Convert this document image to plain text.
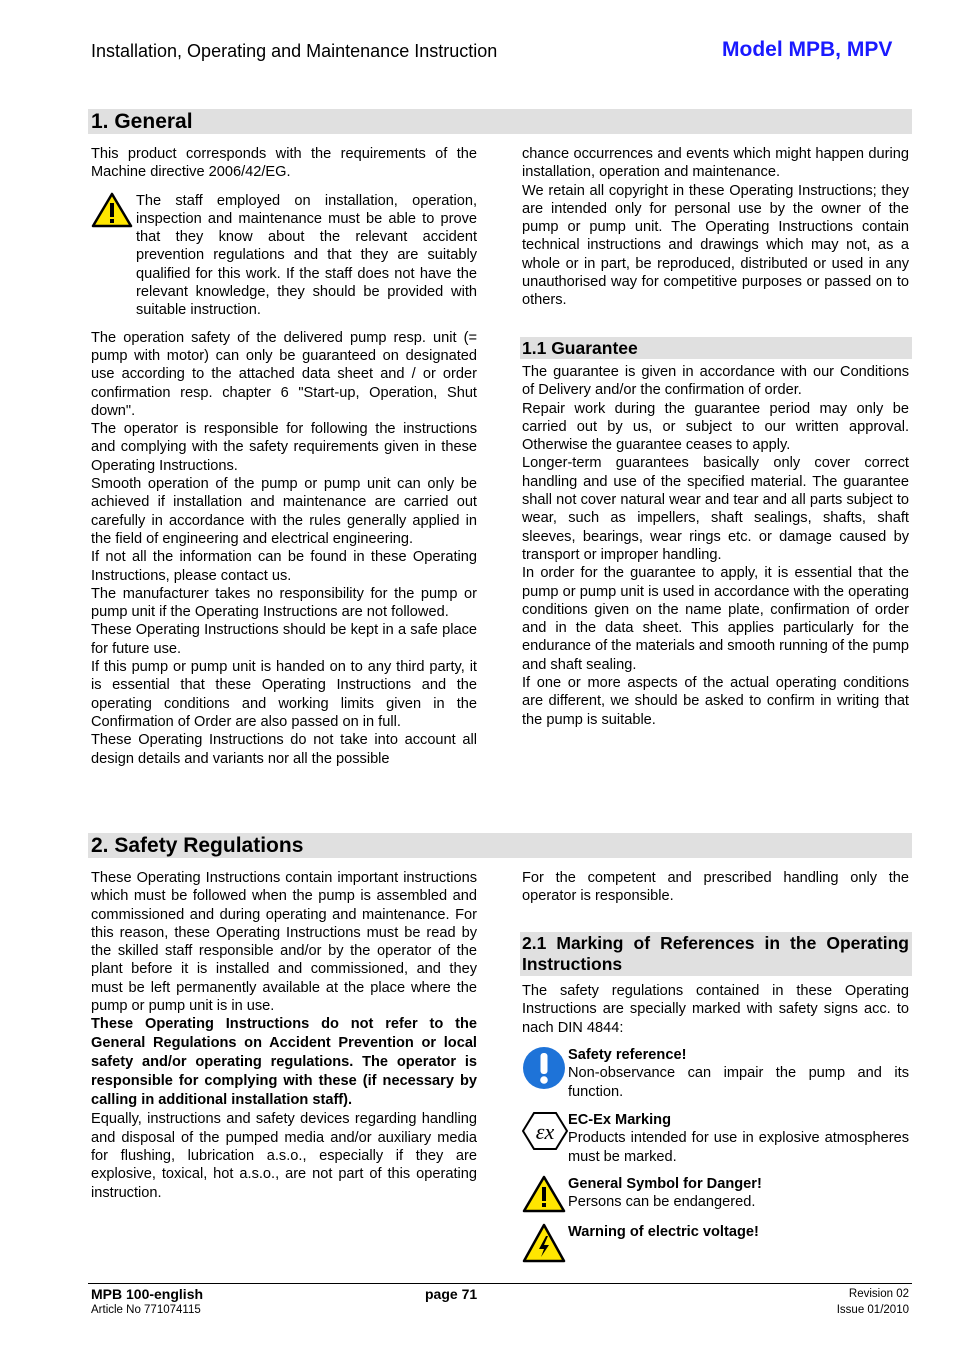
Installation, Operating and Maintenance Instruction	Model MPB, MPV
1. General

This product corresponds with the requirements of the Machine directive 2006/42/EG.

The staff employed on installation, operation, inspection and maintenance must be able to prove that they know about the relevant accident prevention regulations and that they are suitably qualified for this work. If the staff does not have the relevant knowledge, they should be provided with suitable instruction.

The operation safety of the delivered pump resp. unit (= pump with motor) can only be guaranteed on designated use according to the attached data sheet and / or order confirmation resp. chapter 6 "Start-up, Operation, Shut down".

The operator is responsible for following the instructions and complying with the safety requirements given in these Operating Instructions.

Smooth operation of the pump or pump unit can only be achieved if installation and maintenance are carried out carefully in accordance with the rules generally applied in the field of engineering and electrical engineering.

If not all the information can be found in these Operating Instructions, please contact us.

The manufacturer takes no responsibility for the pump or pump unit if the Operating Instructions are not followed.

These Operating Instructions should be kept in a safe place for future use.

If this pump or pump unit is handed on to any third party, it is essential that these Operating Instructions and the operating conditions and working limits given in the Confirmation of Order are also passed on in full.

These Operating Instructions do not take into account all design details and variants nor all the possible

chance occurrences and events which might happen during installation, operation and maintenance.

We retain all copyright in these Operating Instructions; they are intended only for personal use by the owner of the pump or pump unit. The Operating Instructions contain technical instructions and drawings which may not, as a whole or in part, be reproduced, distributed or used in any unauthorised way for competitive purposes or passed on to others.

1.1 Guarantee

The guarantee is given in accordance with our Conditions of Delivery and/or the confirmation of order.

Repair work during the guarantee period may only be carried out by us, or subject to our written approval. Otherwise the guarantee ceases to apply.

Longer-term guarantees basically only cover correct handling and use of the specified material. The guarantee shall not cover natural wear and tear and all parts subject to wear, such as impellers, shaft sealings, shafts, shaft sleeves, bearings, wear rings etc. or damage caused by transport or improper handling.

In order for the guarantee to apply, it is essential that the pump or pump unit is used in accordance with the operating conditions given on the name plate, confirmation of order and in the data sheet. This applies particularly for the endurance of the materials and smooth running of the pump and shaft sealing.

If one or more aspects of the actual operating conditions are different, we should be asked to confirm in writing that the pump is suitable.

2. Safety Regulations

These Operating Instructions contain important instructions which must be followed when the pump is assembled and commissioned and during operating and maintenance. For this reason, these Operating Instructions must be read by the skilled staff responsible and/or by the operator of the plant before it is installed and commissioned, and they must be left permanently available at the place where the pump or pump unit is in use.

These Operating Instructions do not refer to the General Regulations on Accident Prevention or local safety and/or operating regulations. The operator is responsible for complying with these (if necessary by calling in additional installation staff).

Equally, instructions and safety devices regarding handling and disposal of the pumped media and/or auxiliary media for flushing, lubrication a.s.o., especially if they are explosive, toxical, hot a.s.o., are not part of this operating instruction.

For the competent and prescribed handling only the operator is responsible.

2.1 Marking of References in the Operating Instructions

The safety regulations contained in these Operating Instructions are specially marked with safety signs acc. to nach DIN 4844:

Safety reference!
Non-observance can impair the pump and its function.
εx EC-Ex Marking
Products intended for use in explosive atmospheres must be marked.
General Symbol for Danger!
Persons can be endangered.
Warning of electric voltage!
MPB 100-english
Article No 771074115
page 71	Revision 02
Issue 01/2010
